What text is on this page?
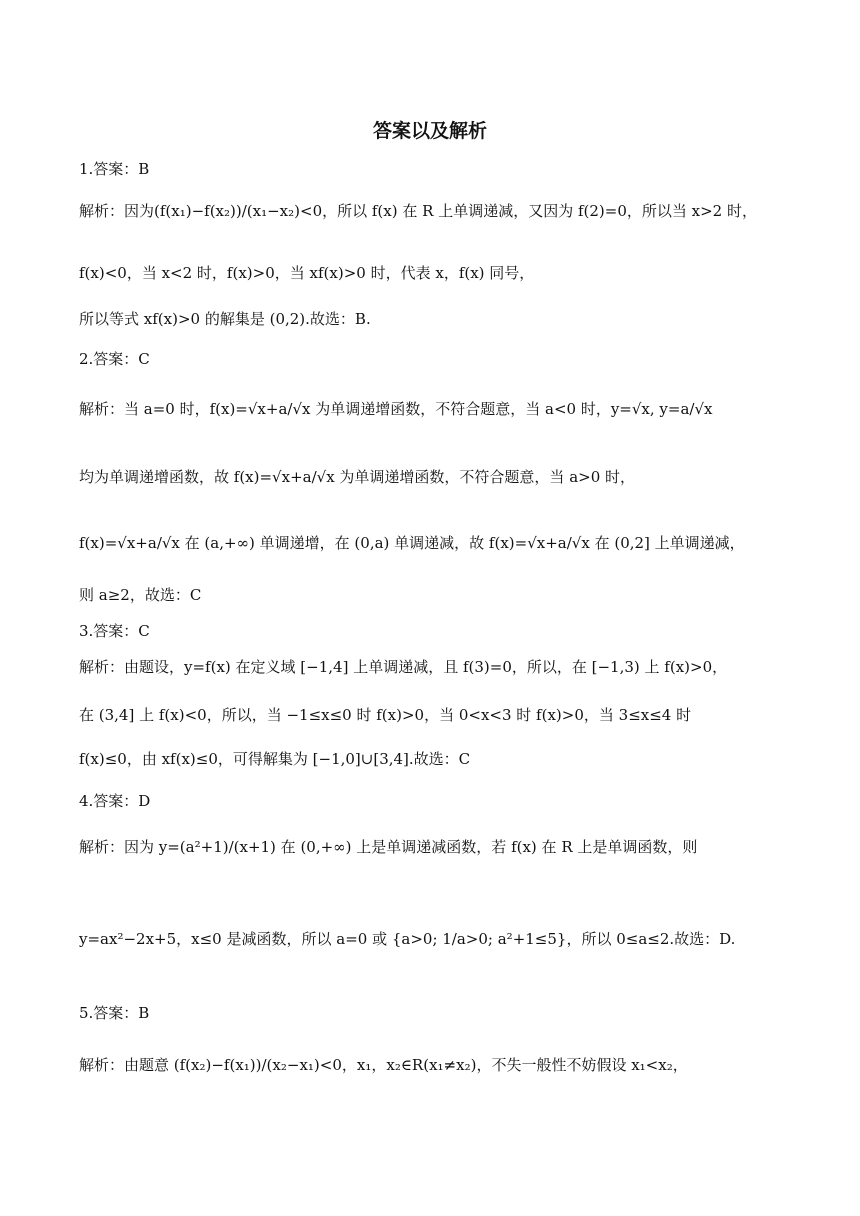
答案以及解析
1.答案：B
解析：因为(f(x₁)−f(x₂))/(x₁−x₂)<0，所以 f(x) 在 R 上单调递减，又因为 f(2)=0，所以当 x>2 时，
f(x)<0，当 x<2 时，f(x)>0，当 xf(x)>0 时，代表 x，f(x) 同号，
所以等式 xf(x)>0 的解集是 (0,2).故选：B.
2.答案：C
解析：当 a=0 时，f(x)=√x+a/√x 为单调递增函数，不符合题意，当 a<0 时，y=√x, y=a/√x
均为单调递增函数，故 f(x)=√x+a/√x 为单调递增函数，不符合题意，当 a>0 时，
f(x)=√x+a/√x 在 (a,+∞) 单调递增，在 (0,a) 单调递减，故 f(x)=√x+a/√x 在 (0,2] 上单调递减，
则 a≥2，故选：C
3.答案：C
解析：由题设，y=f(x) 在定义域 [−1,4] 上单调递减，且 f(3)=0，所以，在 [−1,3) 上 f(x)>0，
在 (3,4] 上 f(x)<0，所以，当 −1≤x≤0 时 f(x)>0，当 0<x<3 时 f(x)>0，当 3≤x≤4 时
f(x)≤0，由 xf(x)≤0，可得解集为 [−1,0]∪[3,4].故选：C
4.答案：D
解析：因为 y=(a²+1)/(x+1) 在 (0,+∞) 上是单调递减函数，若 f(x) 在 R 上是单调函数，则
y=ax²−2x+5，x≤0 是减函数，所以 a=0 或 {a>0; 1/a>0; a²+1≤5}，所以 0≤a≤2.故选：D.
5.答案：B
解析：由题意 (f(x₂)−f(x₁))/(x₂−x₁)<0，x₁，x₂∈R(x₁≠x₂)，不失一般性不妨假设 x₁<x₂，
